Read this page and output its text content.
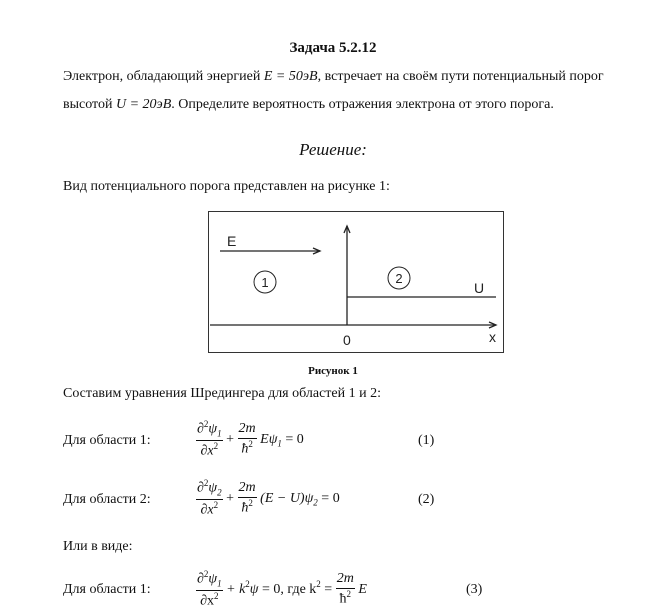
Задача 5.2.12
Электрон, обладающий энергией E = 50эВ, встречает на своём пути потенциальный порог
высотой U = 20эВ. Определите вероятность отражения электрона от этого порога.
Решение:
Вид потенциального порога представлен на рисунке 1:
E
1	2
U
0	x
Рисунок 1
Составим уравнения Шредингера для областей 1 и 2:
Для области 1:	$\frac{\partial^2\psi_1}{\partial x^2} + \frac{2m}{ħ^2} E\psi_1 = 0$	(1)
Для области 2:	$\frac{\partial^2\psi_2}{\partial x^2} + \frac{2m}{ħ^2} (E - U)\psi_2 = 0$	(2)
Или в виде:
Для области 1:	$\frac{\partial^2\psi_1}{\partial x^2} + k^2\psi = 0$, где $k^2 = \frac{2m}{ħ^2}$ E	(3)
